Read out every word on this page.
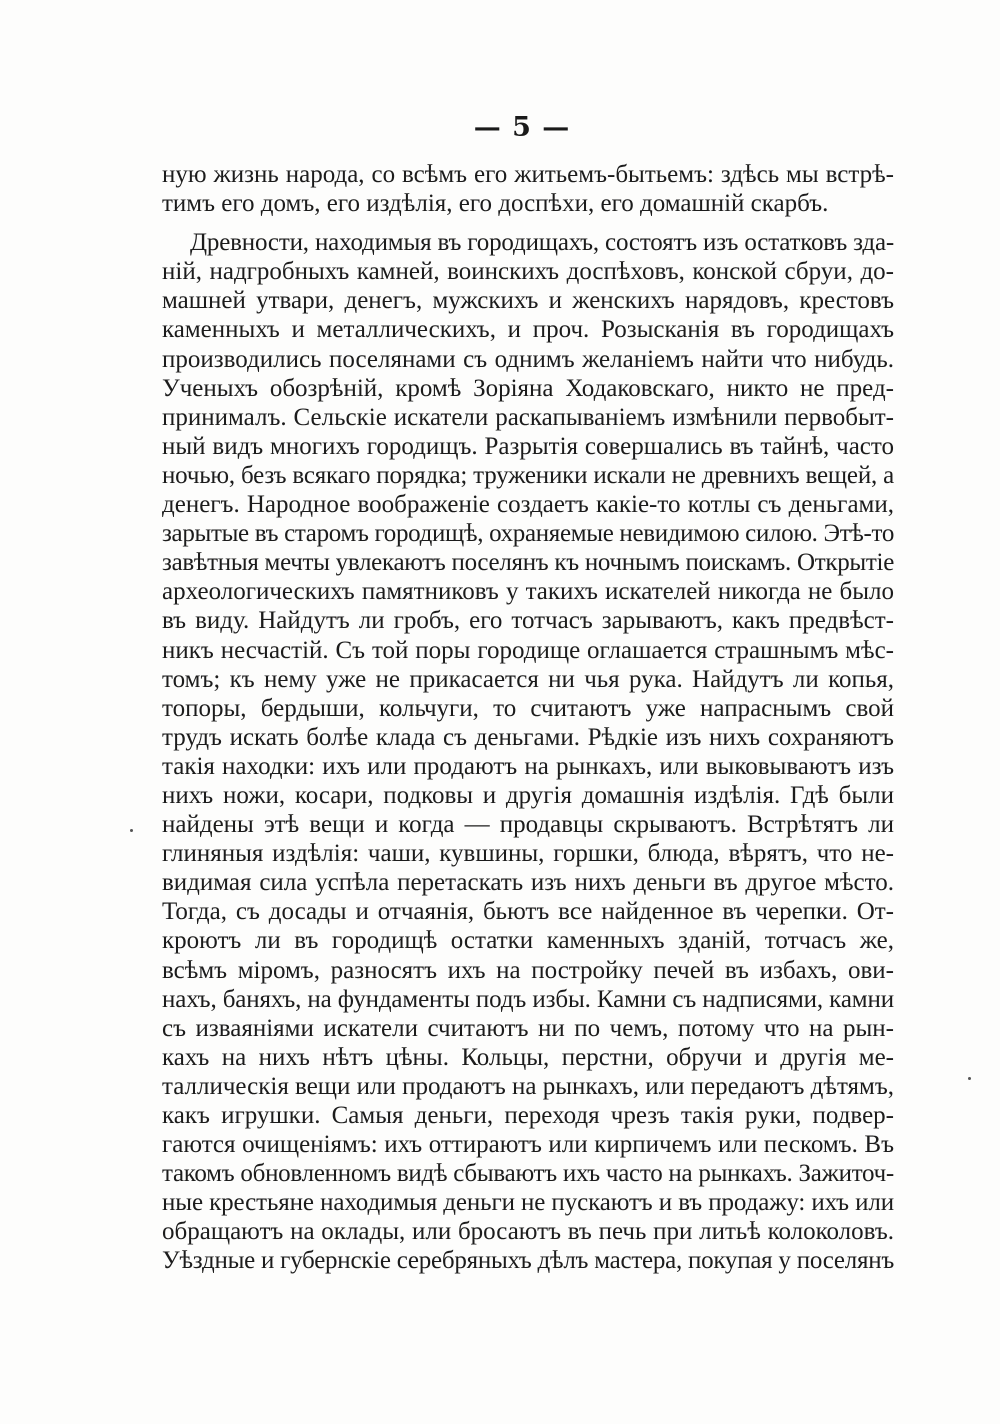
— 5 —
ную жизнь народа, со всѣмъ его житьемъ-бытьемъ: здѣсь мы встрѣ-
тимъ его домъ, его издѣлія, его доспѣхи, его домашній скарбъ.
Древности, находимыя въ городищахъ, состоятъ изъ остатковъ зда-
ній, надгробныхъ камней, воинскихъ доспѣховъ, конской сбруи, до-
машней утвари, денегъ, мужскихъ и женскихъ нарядовъ, крестовъ
каменныхъ и металлическихъ, и проч. Розысканія въ городищахъ
производились поселянами съ однимъ желаніемъ найти что нибудь.
Ученыхъ обозрѣній, кромѣ Зоріяна Ходаковскаго, никто не пред-
принималъ. Сельскіе искатели раскапываніемъ измѣнили первобыт-
ный видъ многихъ городищъ. Разрытія совершались въ тайнѣ, часто
ночью, безъ всякаго порядка; труженики искали не древнихъ вещей, а
денегъ. Народное воображеніе создаетъ какіе-то котлы съ деньгами,
зарытые въ старомъ городищѣ, охраняемые невидимою силою. Этѣ-то
завѣтныя мечты увлекаютъ поселянъ къ ночнымъ поискамъ. Открытіе
археологическихъ памятниковъ у такихъ искателей никогда не было
въ виду. Найдутъ ли гробъ, его тотчасъ зарываютъ, какъ предвѣст-
никъ несчастій. Съ той поры городище оглашается страшнымъ мѣс-
томъ; къ нему уже не прикасается ни чья рука. Найдутъ ли копья,
топоры, бердыши, кольчуги, то считаютъ уже напраснымъ свой
трудъ искать болѣе клада съ деньгами. Рѣдкіе изъ нихъ сохраняютъ
такія находки: ихъ или продаютъ на рынкахъ, или выковываютъ изъ
нихъ ножи, косари, подковы и другія домашнія издѣлія. Гдѣ были
найдены этѣ вещи и когда — продавцы скрываютъ. Встрѣтятъ ли
глиняныя издѣлія: чаши, кувшины, горшки, блюда, вѣрятъ, что не-
видимая сила успѣла перетаскать изъ нихъ деньги въ другое мѣсто.
Тогда, съ досады и отчаянія, бьютъ все найденное въ черепки. От-
кроютъ ли въ городищѣ остатки каменныхъ зданій, тотчасъ же,
всѣмъ міромъ, разносятъ ихъ на постройку печей въ избахъ, ови-
нахъ, баняхъ, на фундаменты подъ избы. Камни съ надписями, камни
съ изваяніями искатели считаютъ ни по чемъ, потому что на рын-
кахъ на нихъ нѣтъ цѣны. Кольцы, перстни, обручи и другія ме-
таллическія вещи или продаютъ на рынкахъ, или передаютъ дѣтямъ,
какъ игрушки. Самыя деньги, переходя чрезъ такія руки, подвер-
гаются очищеніямъ: ихъ оттираютъ или кирпичемъ или пескомъ. Въ
такомъ обновленномъ видѣ сбываютъ ихъ часто на рынкахъ. Зажиточ-
ные крестьяне находимыя деньги не пускаютъ и въ продажу: ихъ или
обращаютъ на оклады, или бросаютъ въ печь при литьѣ колоколовъ.
Уѣздные и губернскіе серебряныхъ дѣлъ мастера, покупая у поселянъ
